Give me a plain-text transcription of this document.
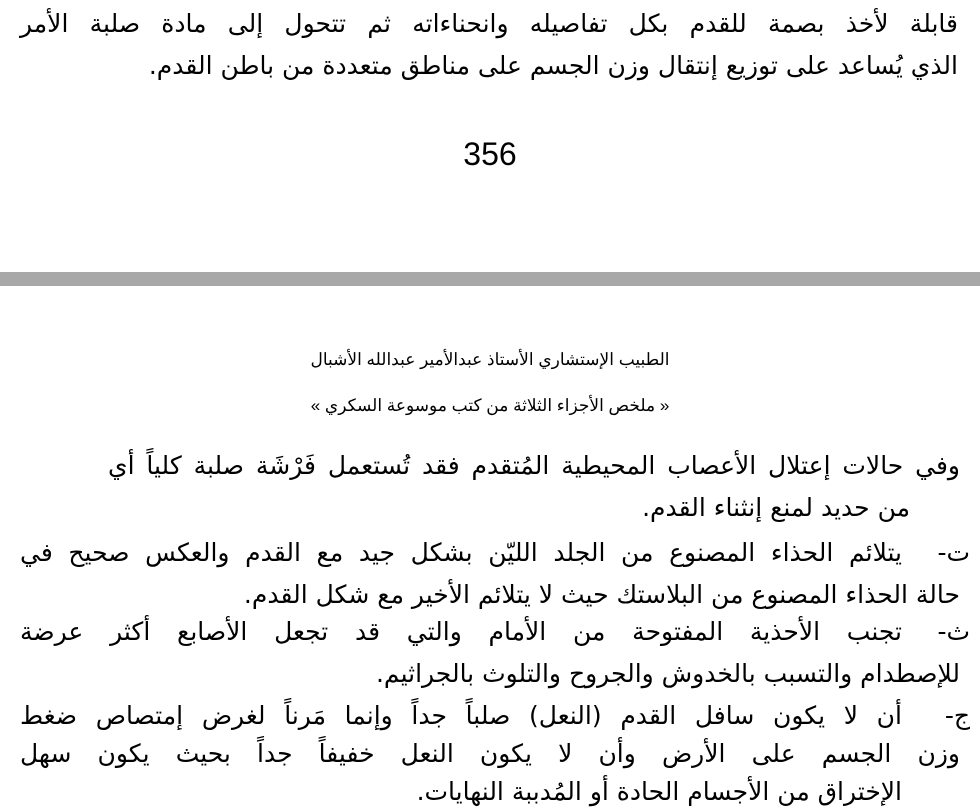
قابلة لأخذ بصمة للقدم بكل تفاصيله وانحناءاته ثم تتحول إلى مادة صلبة الأمر
الذي يُساعد على توزيع إنتقال وزن الجسم على مناطق متعددة من باطن القدم.
356
الطبيب الإستشاري الأستاذ عبدالأمير عبدالله الأشبال
« ملخص الأجزاء الثلاثة من كتب موسوعة السكري »
وفي حالات إعتلال الأعصاب المحيطية المُتقدم فقد تُستعمل فَرْشَة صلبة كلياً أي
من حديد لمنع إنثناء القدم.
ت-
يتلائم الحذاء المصنوع من الجلد الليّن بشكل جيد مع القدم والعكس صحيح في
حالة الحذاء المصنوع من البلاستك حيث لا يتلائم الأخير مع شكل القدم.
ث-
تجنب الأحذية المفتوحة من الأمام والتي قد تجعل الأصابع أكثر عرضة
للإصطدام والتسبب بالخدوش والجروح والتلوث بالجراثيم.
ج-
أن لا يكون سافل القدم (النعل) صلباً جداً وإنما مَرناً لغرض إمتصاص ضغط
وزن الجسم على الأرض وأن لا يكون النعل خفيفاً جداً بحيث يكون سهل
الإختراق من الأجسام الحادة أو المُدببة النهايات.
